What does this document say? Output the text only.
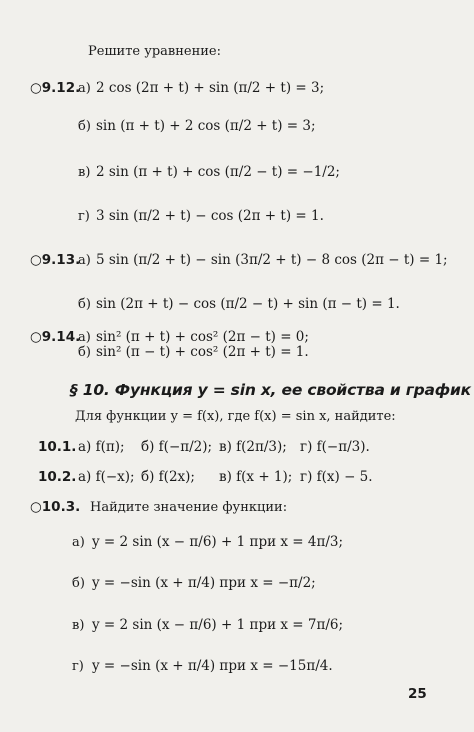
⠀
Решите уравнение:
○9.12.
а) 2 cos (2π + t) + sin (π/2 + t) = 3;
б) sin (π + t) + 2 cos (π/2 + t) = 3;
в) 2 sin (π + t) + cos (π/2 − t) = −1/2;
г) 3 sin (π/2 + t) − cos (2π + t) = 1.
○9.13.
а) 5 sin (π/2 + t) − sin (3π/2 + t) − 8 cos (2π − t) = 1;
б) sin (2π + t) − cos (π/2 − t) + sin (π − t) = 1.
○9.14.
а) sin² (π + t) + cos² (2π − t) = 0;
б) sin² (π − t) + cos² (2π + t) = 1.
§ 10. Функция y = sin x, ее свойства и график
Для функции y = f(x), где f(x) = sin x, найдите:
10.1. а) f(π); б) f(−π/2); в) f(2π/3); г) f(−π/3).
10.2. а) f(−x); б) f(2x); в) f(x + 1); г) f(x) − 5.
○10.3. Найдите значение функции:
а) y = 2 sin (x − π/6) + 1 при x = 4π/3;
б) y = −sin (x + π/4) при x = −π/2;
в) y = 2 sin (x − π/6) + 1 при x = 7π/6;
г) y = −sin (x + π/4) при x = −15π/4.
25
